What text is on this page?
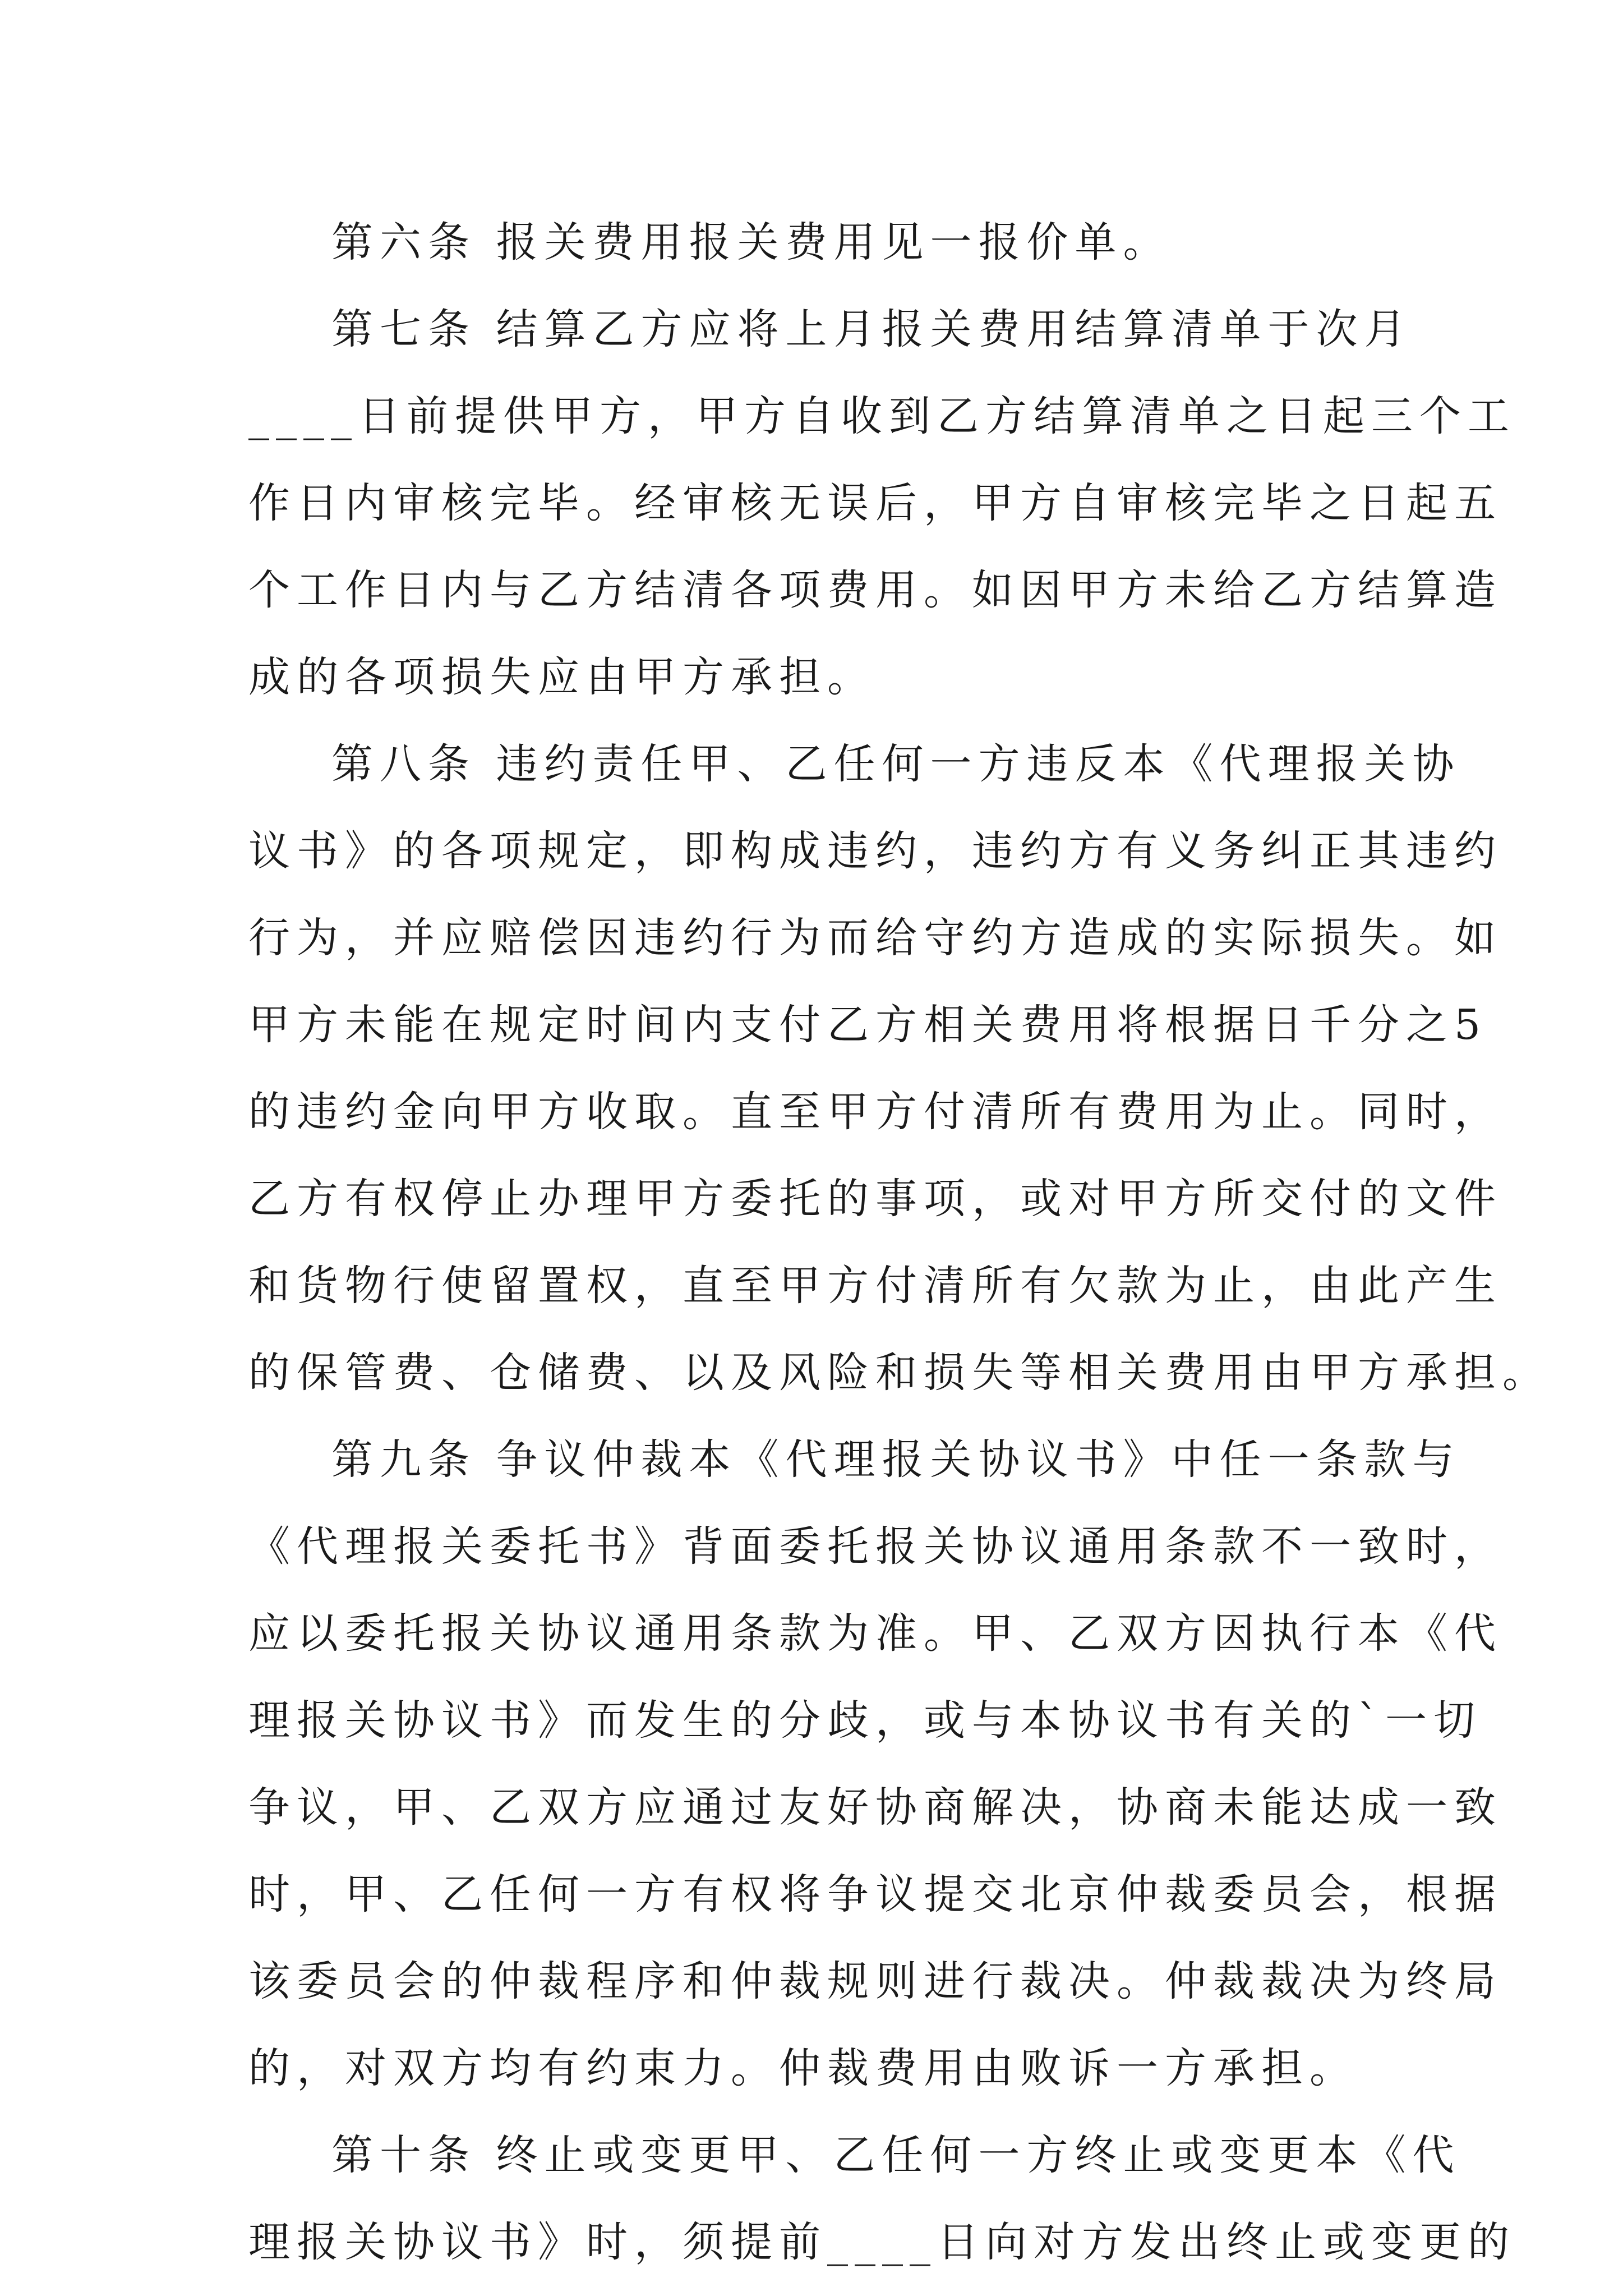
第六条 报关费用报关费用见一报价单。

第七条 结算乙方应将上月报关费用结算清单于次月
____日前提供甲方，甲方自收到乙方结算清单之日起三个工
作日内审核完毕。经审核无误后，甲方自审核完毕之日起五
个工作日内与乙方结清各项费用。如因甲方未给乙方结算造
成的各项损失应由甲方承担。

第八条 违约责任甲、乙任何一方违反本《代理报关协
议书》的各项规定，即构成违约，违约方有义务纠正其违约
行为，并应赔偿因违约行为而给守约方造成的实际损失。如
甲方未能在规定时间内支付乙方相关费用将根据日千分之5
的违约金向甲方收取。直至甲方付清所有费用为止。同时，
乙方有权停止办理甲方委托的事项，或对甲方所交付的文件
和货物行使留置权，直至甲方付清所有欠款为止，由此产生
的保管费、仓储费、以及风险和损失等相关费用由甲方承担。

第九条 争议仲裁本《代理报关协议书》中任一条款与
《代理报关委托书》背面委托报关协议通用条款不一致时，
应以委托报关协议通用条款为准。甲、乙双方因执行本《代
理报关协议书》而发生的分歧，或与本协议书有关的`一切
争议，甲、乙双方应通过友好协商解决，协商未能达成一致
时，甲、乙任何一方有权将争议提交北京仲裁委员会，根据
该委员会的仲裁程序和仲裁规则进行裁决。仲裁裁决为终局
的，对双方均有约束力。仲裁费用由败诉一方承担。

第十条 终止或变更甲、乙任何一方终止或变更本《代
理报关协议书》时，须提前____日向对方发出终止或变更的
